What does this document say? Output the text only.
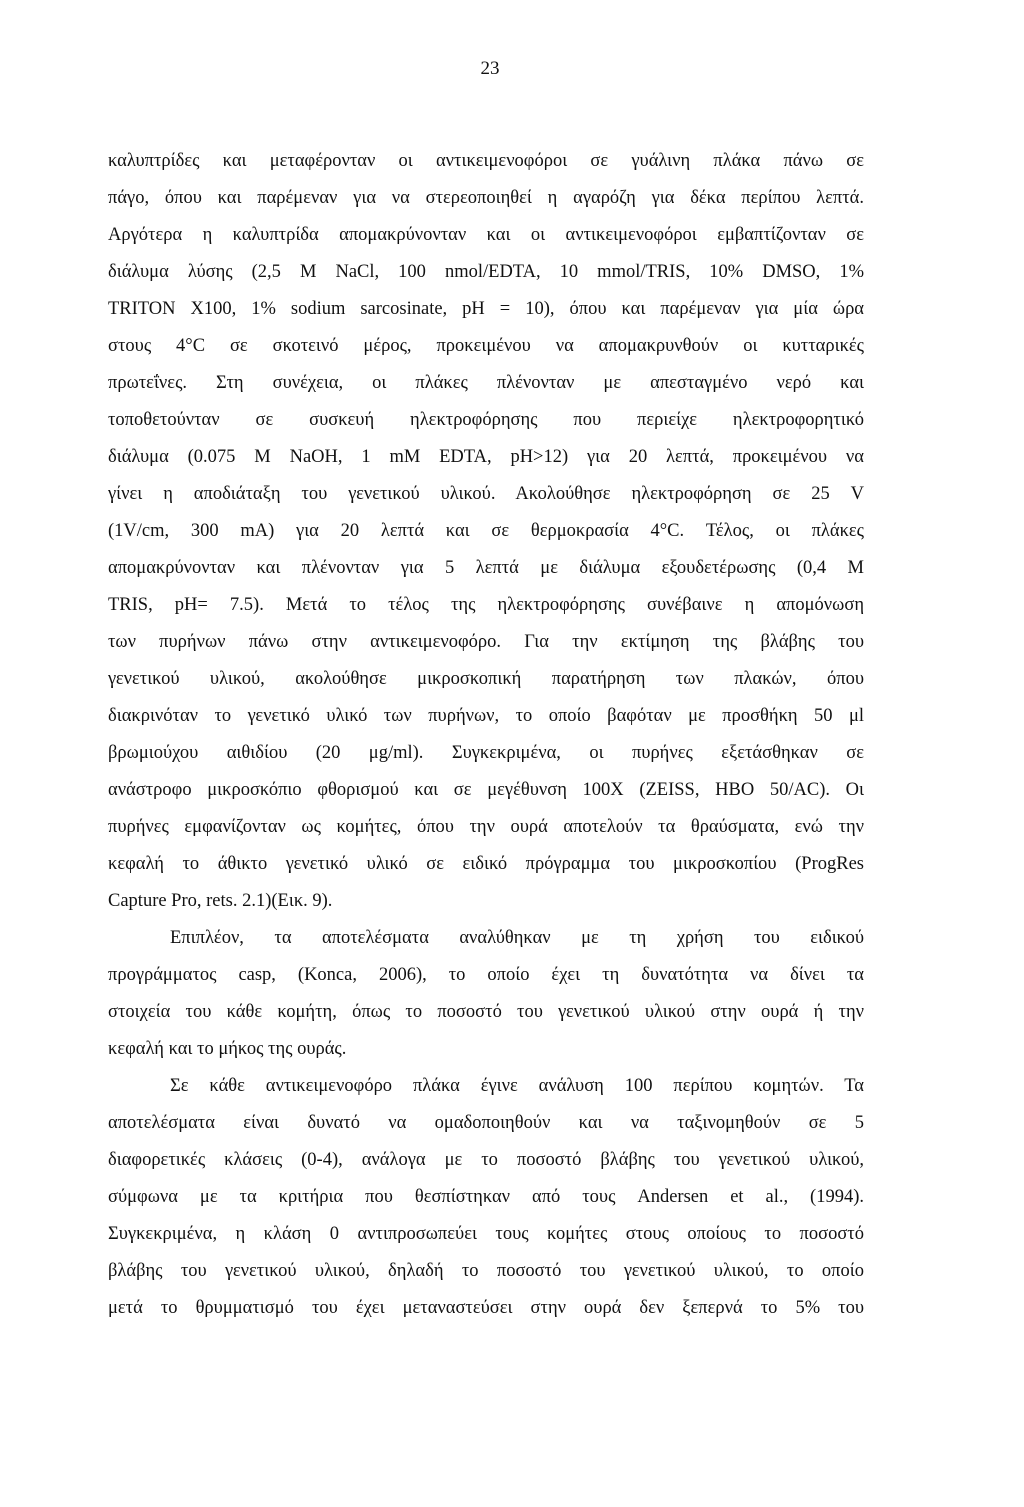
23
καλυπτρίδες και μεταφέρονταν οι αντικειμενοφόροι σε γυάλινη πλάκα πάνω σε
πάγο, όπου και παρέμεναν για να στερεοποιηθεί η αγαρόζη για δέκα περίπου λεπτά.
Αργότερα η καλυπτρίδα απομακρύνονταν και οι αντικειμενοφόροι εμβαπτίζονταν σε
διάλυμα λύσης (2,5 M NaCl, 100 nmol/EDTA, 10 mmol/TRIS, 10% DMSO, 1%
TRITON X100, 1% sodium sarcosinate, pH = 10), όπου και παρέμεναν για μία ώρα
στους 4°C σε σκοτεινό μέρος, προκειμένου να απομακρυνθούν οι κυτταρικές
πρωτεΐνες. Στη συνέχεια, οι πλάκες πλένονταν με απεσταγμένο νερό και
τοποθετούνταν σε συσκευή ηλεκτροφόρησης που περιείχε ηλεκτροφορητικό
διάλυμα (0.075 M NaOH, 1 mM EDTA, pH>12) για 20 λεπτά, προκειμένου να
γίνει η αποδιάταξη του γενετικού υλικού. Ακολούθησε ηλεκτροφόρηση σε 25 V
(1V/cm, 300 mA) για 20 λεπτά και σε θερμοκρασία 4°C. Τέλος, οι πλάκες
απομακρύνονταν και πλένονταν για 5 λεπτά με διάλυμα εξουδετέρωσης (0,4 M
TRIS, pH= 7.5). Μετά το τέλος της ηλεκτροφόρησης συνέβαινε η απομόνωση
των πυρήνων πάνω στην αντικειμενοφόρο. Για την εκτίμηση της βλάβης του
γενετικού υλικού, ακολούθησε μικροσκοπική παρατήρηση των πλακών, όπου
διακρινόταν το γενετικό υλικό των πυρήνων, το οποίο βαφόταν με προσθήκη 50 μl
βρωμιούχου αιθιδίου (20 μg/ml). Συγκεκριμένα, οι πυρήνες εξετάσθηκαν σε
ανάστροφο μικροσκόπιο φθορισμού και σε μεγέθυνση 100X (ZEISS, HBO 50/AC). Οι
πυρήνες εμφανίζονταν ως κομήτες, όπου την ουρά αποτελούν τα θραύσματα, ενώ την
κεφαλή το άθικτο γενετικό υλικό σε ειδικό πρόγραμμα του μικροσκοπίου (ProgRes
Capture Pro, rets. 2.1)(Εικ. 9).
Επιπλέον, τα αποτελέσματα αναλύθηκαν με τη χρήση του ειδικού
προγράμματος casp, (Konca, 2006), το οποίο έχει τη δυνατότητα να δίνει τα
στοιχεία του κάθε κομήτη, όπως το ποσοστό του γενετικού υλικού στην ουρά ή την
κεφαλή και το μήκος της ουράς.
Σε κάθε αντικειμενοφόρο πλάκα έγινε ανάλυση 100 περίπου κομητών. Τα
αποτελέσματα είναι δυνατό να ομαδοποιηθούν και να ταξινομηθούν σε 5
διαφορετικές κλάσεις (0-4), ανάλογα με το ποσοστό βλάβης του γενετικού υλικού,
σύμφωνα με τα κριτήρια που θεσπίστηκαν από τους Andersen et al., (1994).
Συγκεκριμένα, η κλάση 0 αντιπροσωπεύει τους κομήτες στους οποίους το ποσοστό
βλάβης του γενετικού υλικού, δηλαδή το ποσοστό του γενετικού υλικού, το οποίο
μετά το θρυμματισμό του έχει μεταναστεύσει στην ουρά δεν ξεπερνά το 5% του
